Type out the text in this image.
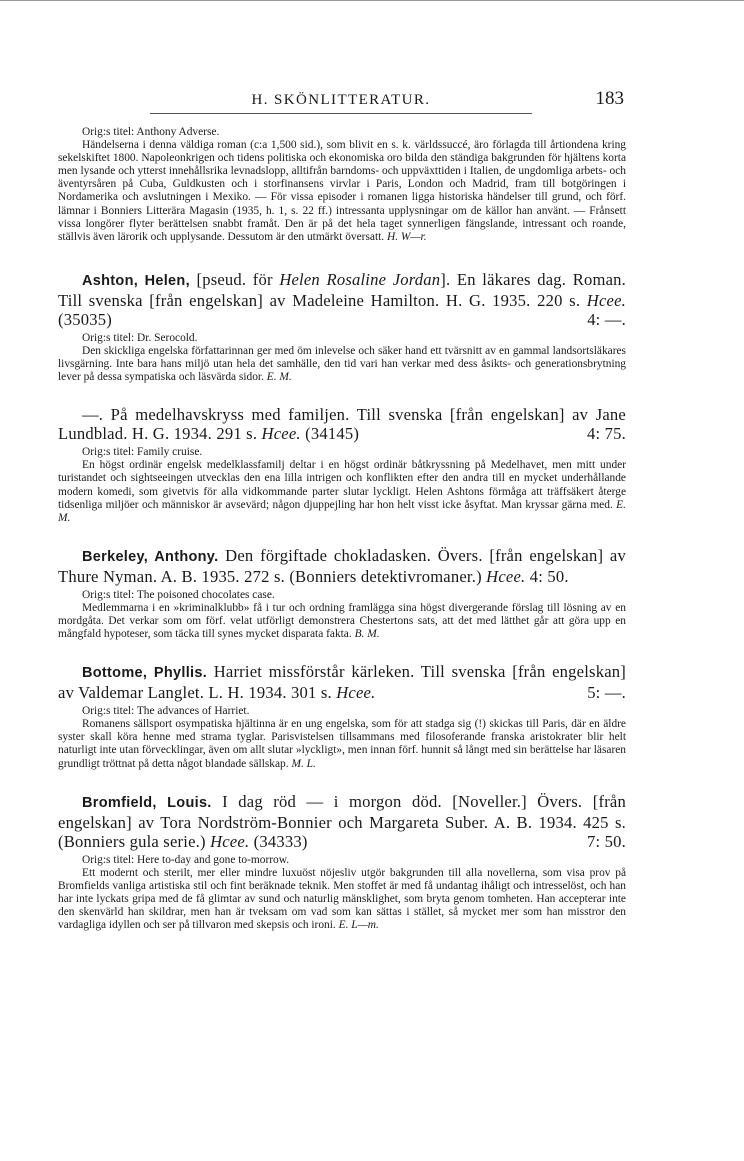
H. SKÖNLITTERATUR.	183

Orig:s titel: Anthony Adverse.

Händelserna i denna väldiga roman (c:a 1,500 sid.), som blivit en s. k. världssuccé, äro förlagda till årtiondena kring sekelskiftet 1800. Napoleonkrigen och tidens politiska och ekonomiska oro bilda den ständiga bakgrunden för hjältens korta men lysande och ytterst innehållsrika levnadslopp, alltifrån barndoms- och uppväxttiden i Italien, de ungdomliga arbets- och äventyrsåren på Cuba, Guldkusten och i storfinansens virvlar i Paris, London och Madrid, fram till botgöringen i Nordamerika och avslutningen i Mexiko. — För vissa episoder i romanen ligga historiska händelser till grund, och förf. lämnar i Bonniers Litterära Magasin (1935, h. 1, s. 22 ff.) intressanta upplysningar om de källor han använt. — Frånsett vissa longörer flyter berättelsen snabbt framåt. Den är på det hela taget synnerligen fängslande, intressant och roande, ställvis även lärorik och upplysande. Dessutom är den utmärkt översatt. H. W—r.

Ashton, Helen, [pseud. för Helen Rosaline Jordan]. En läkares dag. Roman. Till svenska [från engelskan] av Madeleine Hamilton. H. G. 1935. 220 s. Hcee. (35035)	4: —.

Orig:s titel: Dr. Serocold.

Den skickliga engelska författarinnan ger med öm inlevelse och säker hand ett tvärsnitt av en gammal landsortsläkares livsgärning. Inte bara hans miljö utan hela det samhälle, den tid vari han verkar med dess åsikts- och generationsbrytning lever på dessa sympatiska och läsvärda sidor. E. M.

—. På medelhavskryss med familjen. Till svenska [från engelskan] av Jane Lundblad. H. G. 1934. 291 s. Hcee. (34145)	4: 75.

Orig:s titel: Family cruise.

En högst ordinär engelsk medelklassfamilj deltar i en högst ordinär båtkryssning på Medelhavet, men mitt under turistandet och sightseeingen utvecklas den ena lilla intrigen och konflikten efter den andra till en mycket underhållande modern komedi, som givetvis för alla vidkommande parter slutar lyckligt. Helen Ashtons förmåga att träffsäkert återge tidsenliga miljöer och människor är avsevärd; någon djuppejling har hon helt visst icke åsyftat. Man kryssar gärna med. E. M.

Berkeley, Anthony. Den förgiftade chokladasken. Övers. [från engelskan] av Thure Nyman. A. B. 1935. 272 s. (Bonniers detektivromaner.) Hcee. 4: 50.

Orig:s titel: The poisoned chocolates case.

Medlemmarna i en »kriminalklubb» få i tur och ordning framlägga sina högst divergerande förslag till lösning av en mordgåta. Det verkar som om förf. velat utförligt demonstrera Chestertons sats, att det med lätthet går att göra upp en mångfald hypoteser, som täcka till synes mycket disparata fakta. B. M.

Bottome, Phyllis. Harriet missförstår kärleken. Till svenska [från engelskan] av Valdemar Langlet. L. H. 1934. 301 s. Hcee.	5: —.

Orig:s titel: The advances of Harriet.

Romanens sällsport osympatiska hjältinna är en ung engelska, som för att stadga sig (!) skickas till Paris, där en äldre syster skall köra henne med strama tyglar. Parisvistelsen tillsammans med filosoferande franska aristokrater blir helt naturligt inte utan förvecklingar, även om allt slutar »lyckligt», men innan förf. hunnit så långt med sin berättelse har läsaren grundligt tröttnat på detta något blandade sällskap. M. L.

Bromfield, Louis. I dag röd — i morgon död. [Noveller.] Övers. [från engelskan] av Tora Nordström-Bonnier och Margareta Suber. A. B. 1934. 425 s. (Bonniers gula serie.) Hcee. (34333)	7: 50.

Orig:s titel: Here to-day and gone to-morrow.

Ett modernt och sterilt, mer eller mindre luxuöst nöjesliv utgör bakgrunden till alla novellerna, som visa prov på Bromfields vanliga artistiska stil och fint beräknade teknik. Men stoffet är med få undantag ihåligt och intresselöst, och han har inte lyckats gripa med de få glimtar av sund och naturlig mänsklighet, som bryta genom tomheten. Han accepterar inte den skenvärld han skildrar, men han är tveksam om vad som kan sättas i stället, så mycket mer som han misstror den vardagliga idyllen och ser på tillvaron med skepsis och ironi. E. L—m.
